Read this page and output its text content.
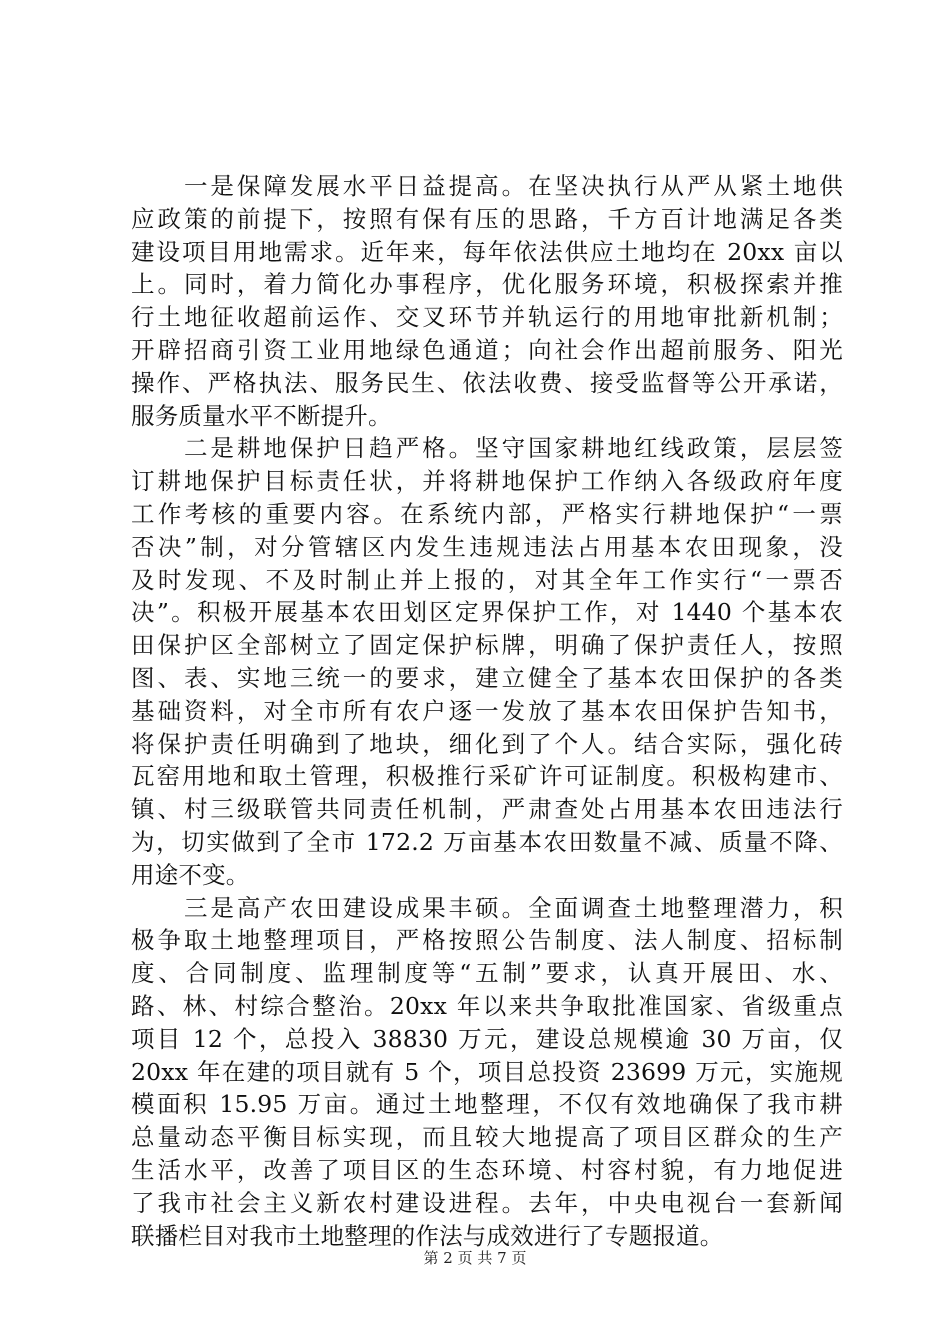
　　一是保障发展水平日益提高。在坚决执行从严从紧土地供
应政策的前提下，按照有保有压的思路，千方百计地满足各类
建设项目用地需求。近年来，每年依法供应土地均在 20xx 亩以
上。同时，着力简化办事程序，优化服务环境，积极探索并推
行土地征收超前运作、交叉环节并轨运行的用地审批新机制；
开辟招商引资工业用地绿色通道；向社会作出超前服务、阳光
操作、严格执法、服务民生、依法收费、接受监督等公开承诺，
服务质量水平不断提升。
　　二是耕地保护日趋严格。坚守国家耕地红线政策，层层签
订耕地保护目标责任状，并将耕地保护工作纳入各级政府年度
工作考核的重要内容。在系统内部，严格实行耕地保护“一票
否决”制，对分管辖区内发生违规违法占用基本农田现象，没
及时发现、不及时制止并上报的，对其全年工作实行“一票否
决”。积极开展基本农田划区定界保护工作，对 1440 个基本农
田保护区全部树立了固定保护标牌，明确了保护责任人，按照
图、表、实地三统一的要求，建立健全了基本农田保护的各类
基础资料，对全市所有农户逐一发放了基本农田保护告知书，
将保护责任明确到了地块，细化到了个人。结合实际，强化砖
瓦窑用地和取土管理，积极推行采矿许可证制度。积极构建市、
镇、村三级联管共同责任机制，严肃查处占用基本农田违法行
为，切实做到了全市 172.2 万亩基本农田数量不减、质量不降、
用途不变。
　　三是高产农田建设成果丰硕。全面调查土地整理潜力，积
极争取土地整理项目，严格按照公告制度、法人制度、招标制
度、合同制度、监理制度等“五制”要求，认真开展田、水、
路、林、村综合整治。20xx 年以来共争取批准国家、省级重点
项目 12 个，总投入 38830 万元，建设总规模逾 30 万亩，仅
20xx 年在建的项目就有 5 个，项目总投资 23699 万元，实施规
模面积 15.95 万亩。通过土地整理，不仅有效地确保了我市耕
总量动态平衡目标实现，而且较大地提高了项目区群众的生产
生活水平，改善了项目区的生态环境、村容村貌，有力地促进
了我市社会主义新农村建设进程。去年，中央电视台一套新闻
联播栏目对我市土地整理的作法与成效进行了专题报道。
第 2 页 共 7 页
